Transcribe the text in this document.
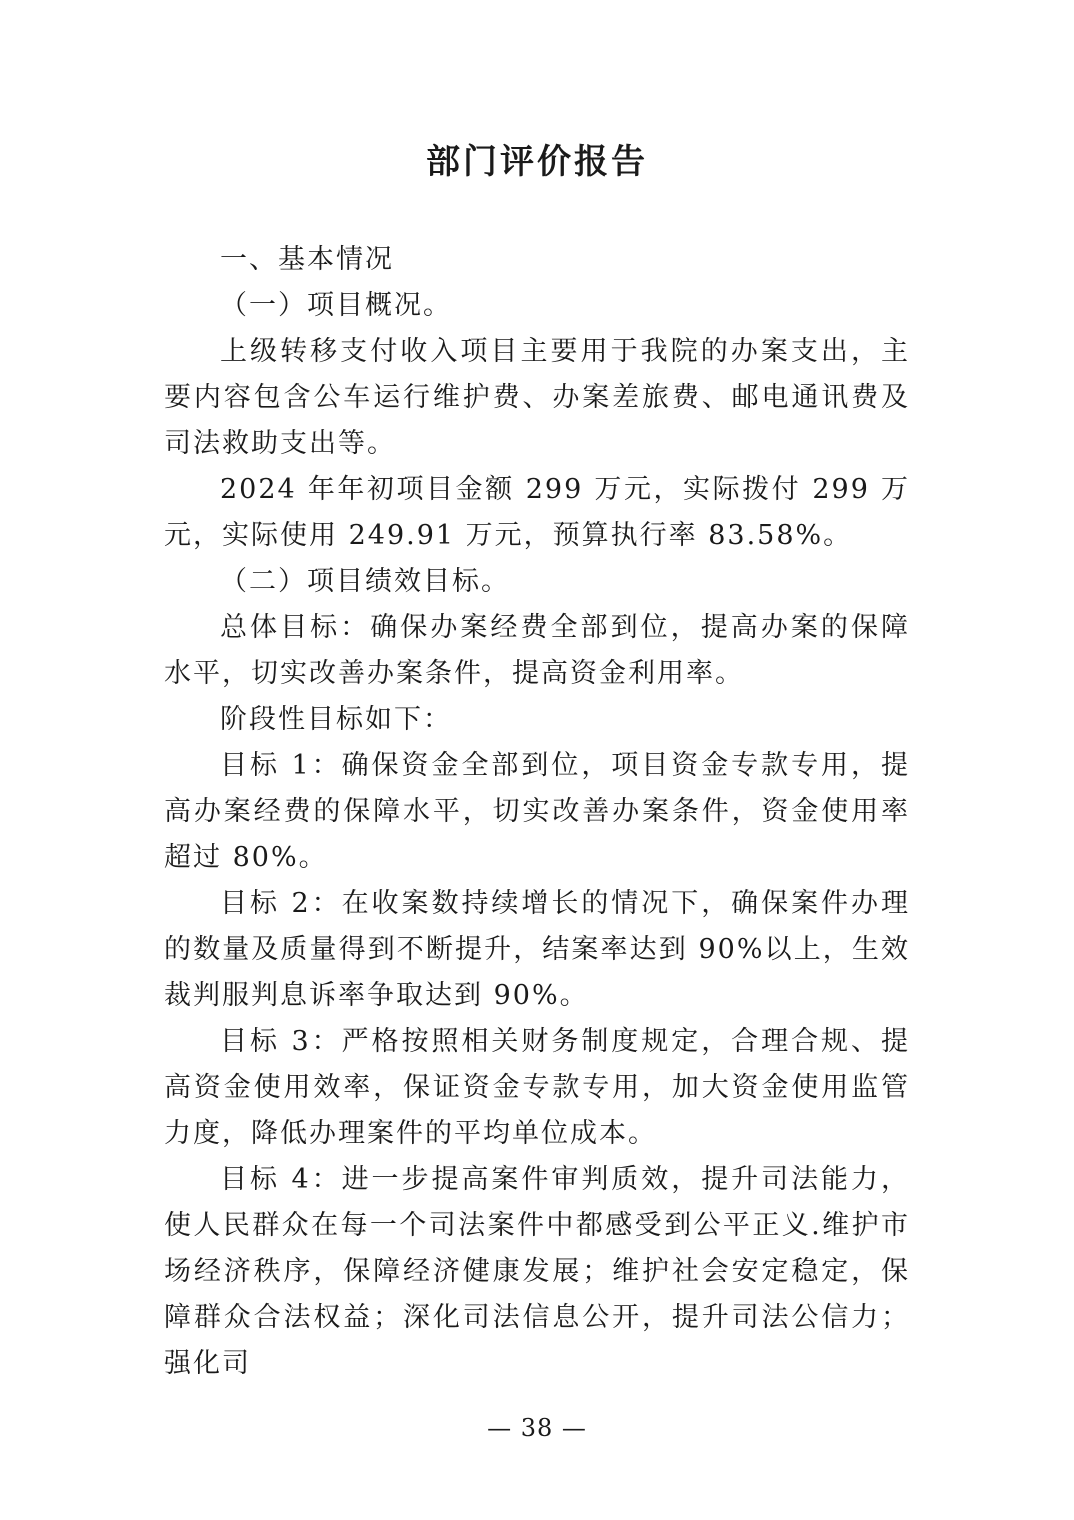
部门评价报告

一、基本情况

（一）项目概况。

上级转移支付收入项目主要用于我院的办案支出，主要内容包含公车运行维护费、办案差旅费、邮电通讯费及司法救助支出等。

2024 年年初项目金额 299 万元，实际拨付 299 万元，实际使用 249.91 万元，预算执行率 83.58%。

（二）项目绩效目标。

总体目标：确保办案经费全部到位，提高办案的保障水平，切实改善办案条件，提高资金利用率。

阶段性目标如下：

目标 1：确保资金全部到位，项目资金专款专用，提高办案经费的保障水平，切实改善办案条件，资金使用率超过 80%。

目标 2：在收案数持续增长的情况下，确保案件办理的数量及质量得到不断提升，结案率达到 90%以上，生效裁判服判息诉率争取达到 90%。

目标 3：严格按照相关财务制度规定，合理合规、提高资金使用效率，保证资金专款专用，加大资金使用监管力度，降低办理案件的平均单位成本。

目标 4：进一步提高案件审判质效，提升司法能力，使人民群众在每一个司法案件中都感受到公平正义.维护市场经济秩序，保障经济健康发展；维护社会安定稳定，保障群众合法权益；深化司法信息公开，提升司法公信力；强化司

— 38 —
